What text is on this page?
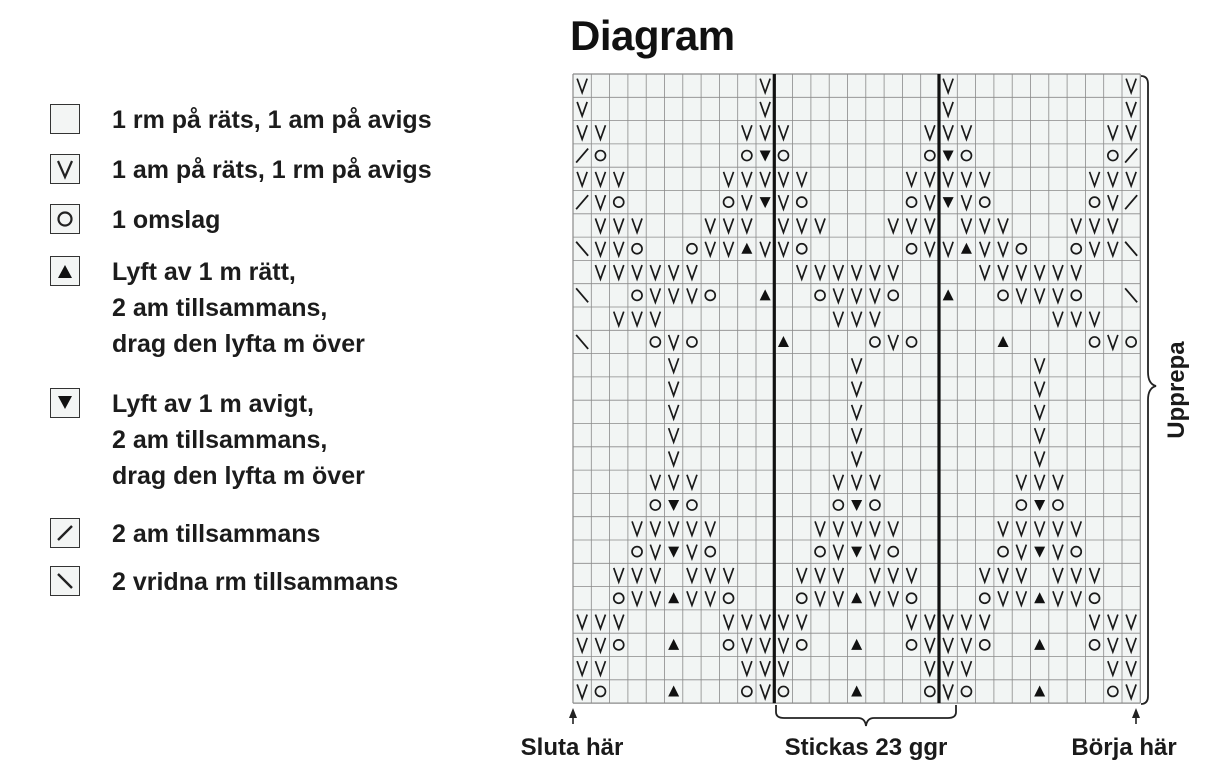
Diagram
1 rm på räts, 1 am på avigs
1 am på räts, 1 rm på avigs
1 omslag
Lyft av 1 m rätt,
2 am tillsammans,
drag den lyfta m över
Lyft av 1 m avigt,
2 am tillsammans,
drag den lyfta m över
2 am tillsammans
2 vridna rm tillsammans
Sluta här	Stickas 23 ggr	Börja här
Upprepa
